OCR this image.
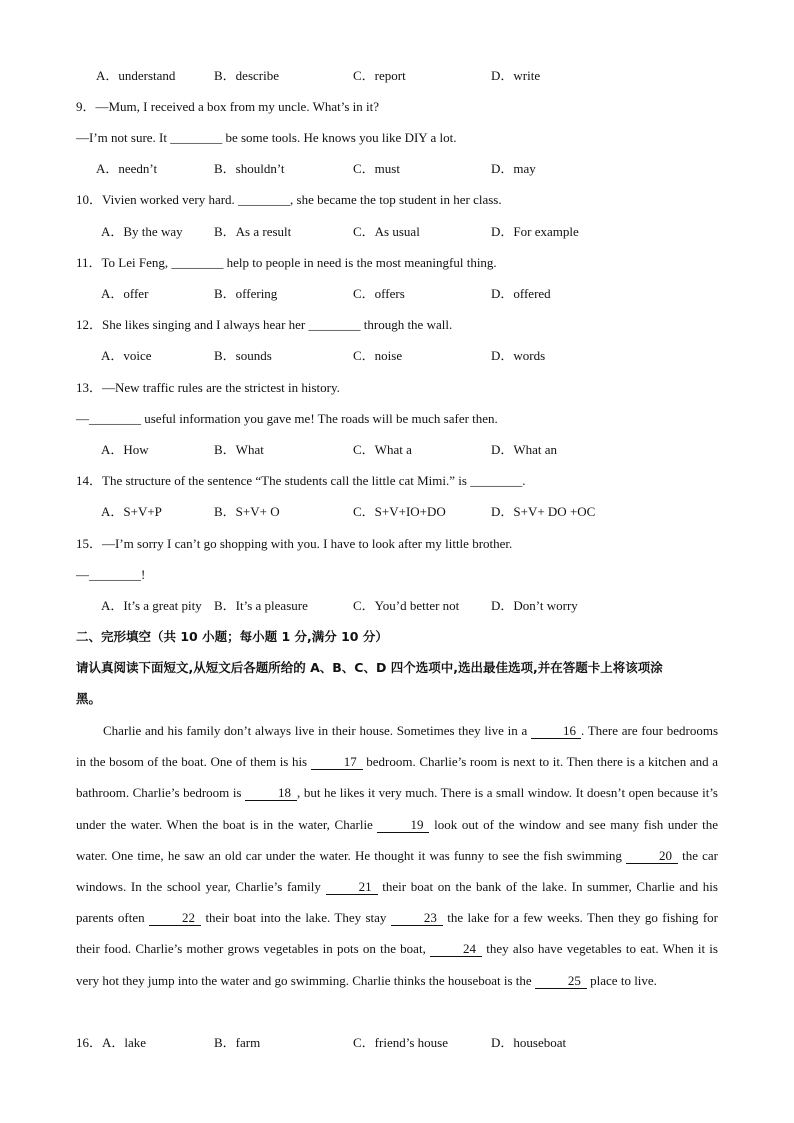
A．understand	B．describe	C．report	D．write
9．—Mum, I received a box from my uncle. What’s in it?
—I’m not sure. It ________ be some tools. He knows you like DIY a lot.
A．needn’t	B．shouldn’t	C．must	D．may
10．Vivien worked very hard. ________, she became the top student in her class.
A．By the way B．As a result	C．As usual	D．For example
11．To Lei Feng, ________ help to people in need is the most meaningful thing.
A．offer	B．offering	C．offers	D．offered
12．She likes singing and I always hear her ________ through the wall.
A．voice	B．sounds	C．noise	D．words
13．—New traffic rules are the strictest in history.
—________ useful information you gave me! The roads will be much safer then.
A．How	B．What	C．What a	D．What an
14．The structure of the sentence “The students call the little cat Mimi.” is ________.
A．S+V+P	B．S+V+ O	C．S+V+IO+DO	D．S+V+ DO +OC
15．—I’m sorry I can’t go shopping with you. I have to look after my little brother.
—________!
A．It’s a great pity B．It’s a pleasure	C．You’d better not D．Don’t worry
二、完形填空（共 10 小题；每小题 1 分,满分 10 分）
请认真阅读下面短文,从短文后各题所给的 A、B、C、D 四个选项中,选出最佳选项,并在答题卡上将该项涂
黑。

Charlie and his family don’t always live in their house. Sometimes they live in a 16 . There are four bedrooms in the bosom of the boat. One of them is his	17 bedroom. Charlie’s room is next to it. Then there is a kitchen and a bathroom. Charlie’s bedroom is	18 , but he likes it very much. There is a small window. It doesn’t open because it’s under the water. When the boat is in the water, Charlie	19 look out of the window and see many fish under the water. One time, he saw an old car under the water. He thought it was funny to see the fish swimming	20 the car windows. In the school year, Charlie’s family	21 their boat on the bank of the lake. In summer, Charlie and his parents often	22 their boat into the lake. They stay	23 the lake for a few weeks. Then they go fishing for their food. Charlie’s mother grows vegetables in pots on the boat,	24 they also have vegetables to eat. When it is very hot they jump into the water and go swimming. Charlie thinks the houseboat is the	25 place to live.

16．A．lake	B．farm	C．friend’s house	D．houseboat
